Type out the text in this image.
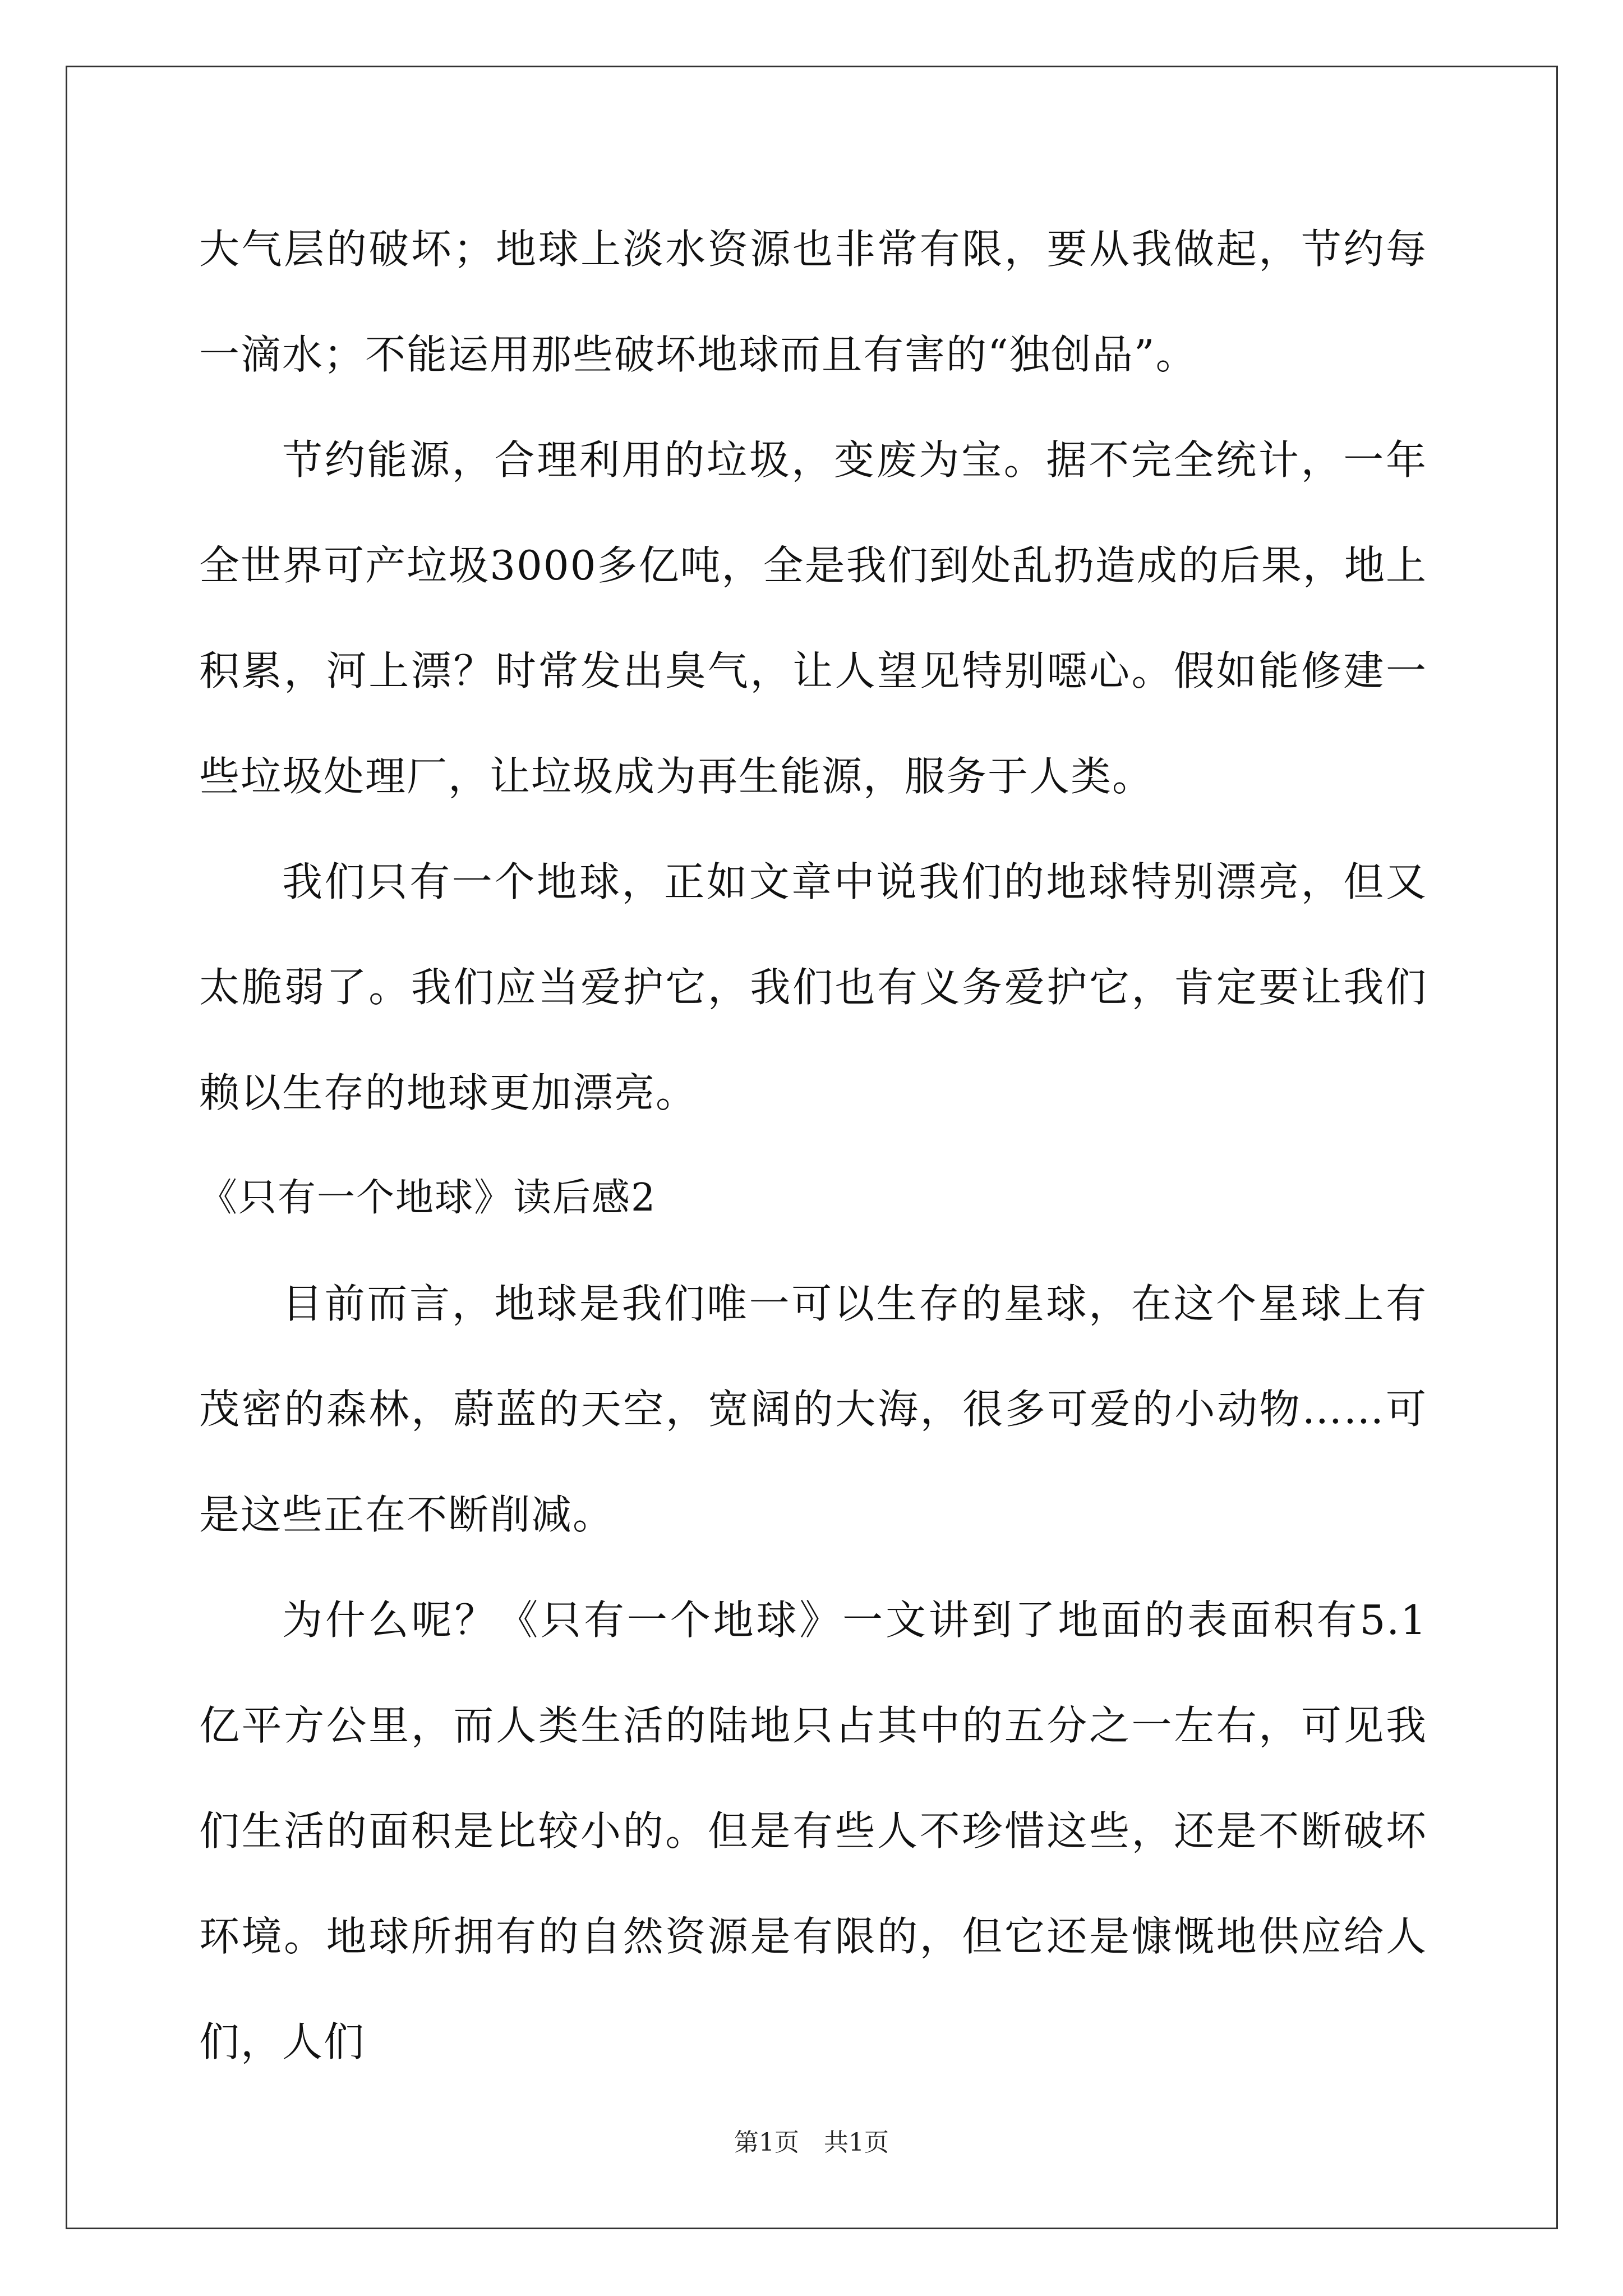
大气层的破坏；地球上淡水资源也非常有限，要从我做起，节约每一滴水；不能运用那些破坏地球而且有害的“独创品”。

节约能源，合理利用的垃圾，变废为宝。据不完全统计，一年全世界可产垃圾3000多亿吨，全是我们到处乱扔造成的后果，地上积累，河上漂？时常发出臭气，让人望见特别噁心。假如能修建一些垃圾处理厂，让垃圾成为再生能源，服务于人类。

我们只有一个地球，正如文章中说我们的地球特别漂亮，但又太脆弱了。我们应当爱护它，我们也有义务爱护它，肯定要让我们赖以生存的地球更加漂亮。

《只有一个地球》读后感2

目前而言，地球是我们唯一可以生存的星球，在这个星球上有茂密的森林，蔚蓝的天空，宽阔的大海，很多可爱的小动物……可是这些正在不断削减。

为什么呢？《只有一个地球》一文讲到了地面的表面积有5.1亿平方公里，而人类生活的陆地只占其中的五分之一左右，可见我们生活的面积是比较小的。但是有些人不珍惜这些，还是不断破坏环境。地球所拥有的自然资源是有限的，但它还是慷慨地供应给人们，人们

第1页 共1页
